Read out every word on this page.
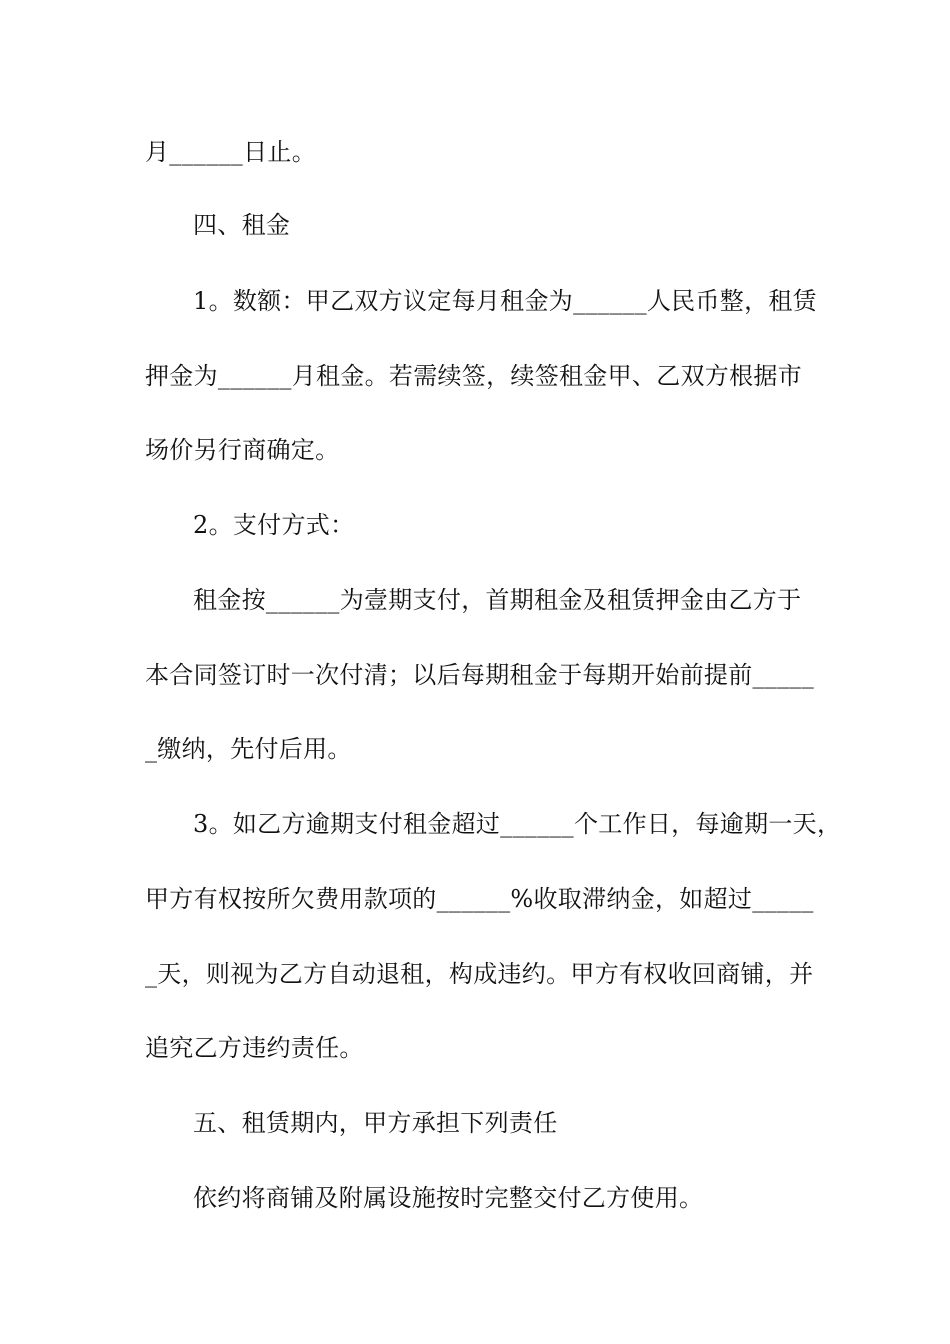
月______日止。
四、租金
1。数额：甲乙双方议定每月租金为______人民币整，租赁
押金为______月租金。若需续签，续签租金甲、乙双方根据市
场价另行商确定。
2。支付方式：
租金按______为壹期支付，首期租金及租赁押金由乙方于
本合同签订时一次付清；以后每期租金于每期开始前提前_____
_缴纳，先付后用。
3。如乙方逾期支付租金超过______个工作日，每逾期一天，
甲方有权按所欠费用款项的______%收取滞纳金，如超过_____
_天，则视为乙方自动退租，构成违约。甲方有权收回商铺，并
追究乙方违约责任。
五、租赁期内，甲方承担下列责任
依约将商铺及附属设施按时完整交付乙方使用。
